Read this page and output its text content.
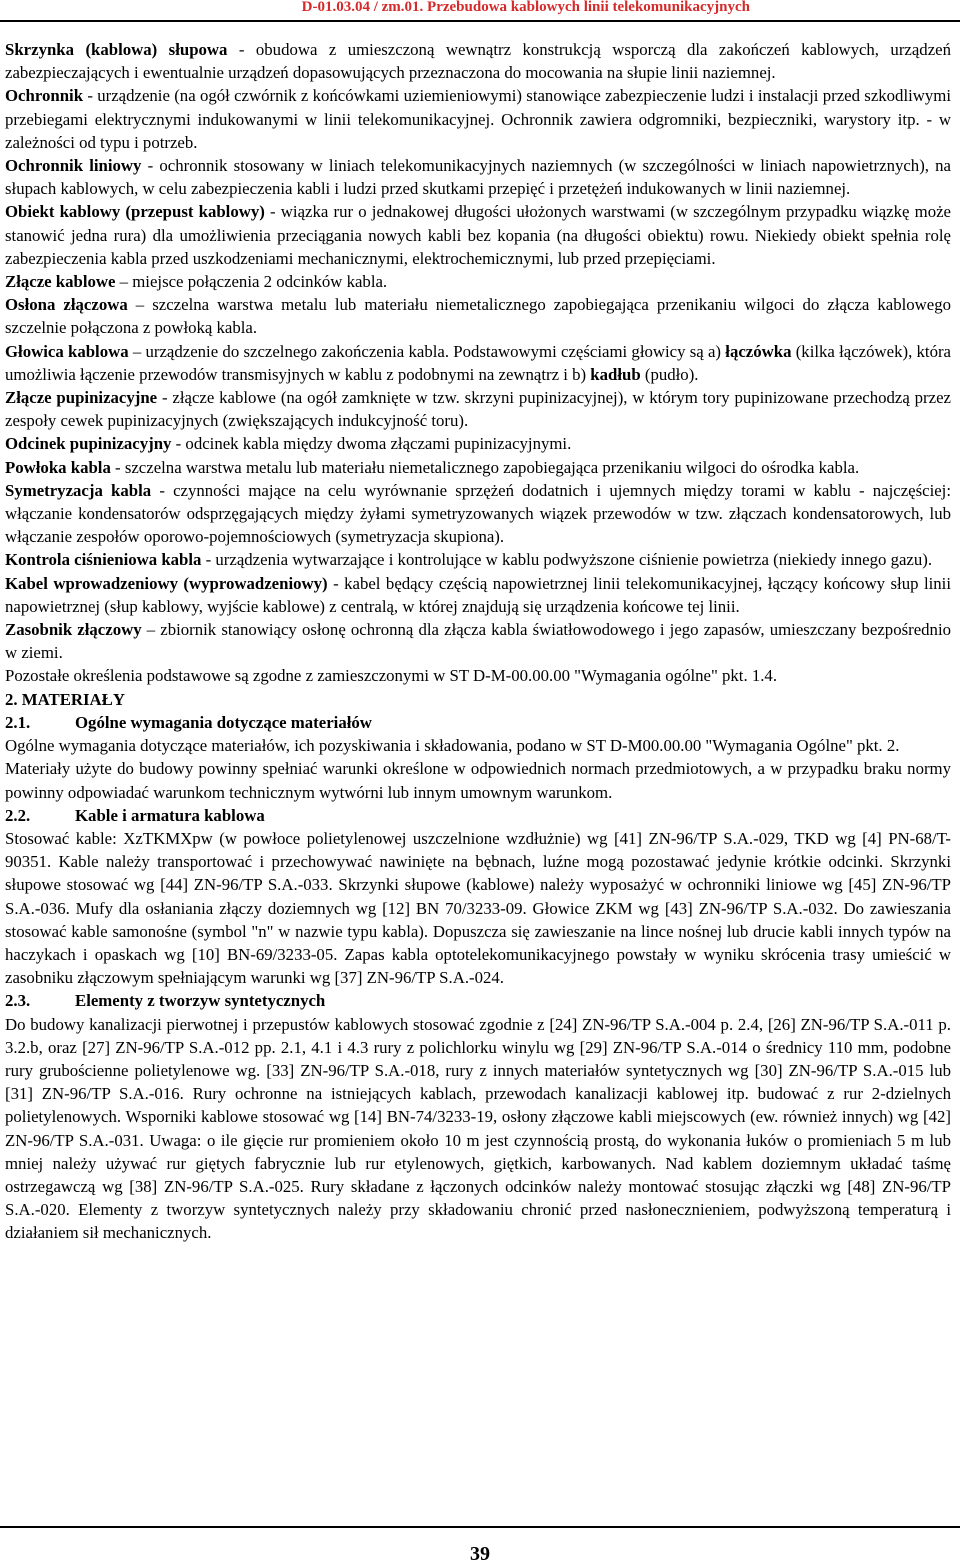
D-01.03.04 / zm.01. Przebudowa kablowych linii telekomunikacyjnych

Skrzynka (kablowa) słupowa - obudowa z umieszczoną wewnątrz konstrukcją wsporczą dla zakończeń kablowych, urządzeń zabezpieczających i ewentualnie urządzeń dopasowujących przeznaczona do mocowania na słupie linii naziemnej.

Ochronnik - urządzenie (na ogół czwórnik z końcówkami uziemieniowymi) stanowiące zabezpieczenie ludzi i instalacji przed szkodliwymi przebiegami elektrycznymi indukowanymi w linii telekomunikacyjnej. Ochronnik zawiera odgromniki, bezpieczniki, warystory itp. - w zależności od typu i potrzeb.

Ochronnik liniowy - ochronnik stosowany w liniach telekomunikacyjnych naziemnych (w szczególności w liniach napowietrznych), na słupach kablowych, w celu zabezpieczenia kabli i ludzi przed skutkami przepięć i przetężeń indukowanych w linii naziemnej.

Obiekt kablowy (przepust kablowy) - wiązka rur o jednakowej długości ułożonych warstwami (w szczególnym przypadku wiązkę może stanowić jedna rura) dla umożliwienia przeciągania nowych kabli bez kopania (na długości obiektu) rowu. Niekiedy obiekt spełnia rolę zabezpieczenia kabla przed uszkodzeniami mechanicznymi, elektrochemicznymi, lub przed przepięciami.

Złącze kablowe – miejsce połączenia 2 odcinków kabla.

Osłona złączowa – szczelna warstwa metalu lub materiału niemetalicznego zapobiegająca przenikaniu wilgoci do złącza kablowego szczelnie połączona z powłoką kabla.

Głowica kablowa – urządzenie do szczelnego zakończenia kabla. Podstawowymi częściami głowicy są a) łączówka (kilka łączówek), która umożliwia łączenie przewodów transmisyjnych w kablu z podobnymi na zewnątrz i b) kadłub (pudło).

Złącze pupinizacyjne - złącze kablowe (na ogół zamknięte w tzw. skrzyni pupinizacyjnej), w którym tory pupinizowane przechodzą przez zespoły cewek pupinizacyjnych (zwiększających indukcyjność toru).

Odcinek pupinizacyjny - odcinek kabla między dwoma złączami pupinizacyjnymi.

Powłoka kabla - szczelna warstwa metalu lub materiału niemetalicznego zapobiegająca przenikaniu wilgoci do ośrodka kabla.

Symetryzacja kabla - czynności mające na celu wyrównanie sprzężeń dodatnich i ujemnych między torami w kablu - najczęściej: włączanie kondensatorów odsprzęgających między żyłami symetryzowanych wiązek przewodów w tzw. złączach kondensatorowych, lub włączanie zespołów oporowo-pojemnościowych (symetryzacja skupiona).

Kontrola ciśnieniowa kabla - urządzenia wytwarzające i kontrolujące w kablu podwyższone ciśnienie powietrza (niekiedy innego gazu).

Kabel wprowadzeniowy (wyprowadzeniowy) - kabel będący częścią napowietrznej linii telekomunikacyjnej, łączący końcowy słup linii napowietrznej (słup kablowy, wyjście kablowe) z centralą, w której znajdują się urządzenia końcowe tej linii.

Zasobnik złączowy – zbiornik stanowiący osłonę ochronną dla złącza kabla światłowodowego i jego zapasów, umieszczany bezpośrednio w ziemi.

Pozostałe określenia podstawowe są zgodne z zamieszczonymi w ST D-M-00.00.00 "Wymagania ogólne" pkt. 1.4.

2. MATERIAŁY

2.1.	Ogólne wymagania dotyczące materiałów

Ogólne wymagania dotyczące materiałów, ich pozyskiwania i składowania, podano w ST D-M00.00.00 "Wymagania Ogólne" pkt. 2.

Materiały użyte do budowy powinny spełniać warunki określone w odpowiednich normach przedmiotowych, a w przypadku braku normy powinny odpowiadać warunkom technicznym wytwórni lub innym umownym warunkom.

2.2.	Kable i armatura kablowa

Stosować kable: XzTKMXpw (w powłoce polietylenowej uszczelnione wzdłużnie) wg [41] ZN-96/TP S.A.-029, TKD wg [4] PN-68/T-90351. Kable należy transportować i przechowywać nawinięte na bębnach, luźne mogą pozostawać jedynie krótkie odcinki. Skrzynki słupowe stosować wg [44] ZN-96/TP S.A.-033. Skrzynki słupowe (kablowe) należy wyposażyć w ochronniki liniowe wg [45] ZN-96/TP S.A.-036. Mufy dla osłaniania złączy doziemnych wg [12] BN 70/3233-09. Głowice ZKM wg [43] ZN-96/TP S.A.-032. Do zawieszania stosować kable samonośne (symbol "n" w nazwie typu kabla). Dopuszcza się zawieszanie na lince nośnej lub drucie kabli innych typów na haczykach i opaskach wg [10] BN-69/3233-05. Zapas kabla optotelekomunikacyjnego powstały w wyniku skrócenia trasy umieścić w zasobniku złączowym spełniającym warunki wg [37] ZN-96/TP S.A.-024.

2.3.	Elementy z tworzyw syntetycznych

Do budowy kanalizacji pierwotnej i przepustów kablowych stosować zgodnie z [24] ZN-96/TP S.A.-004 p. 2.4, [26] ZN-96/TP S.A.-011 p. 3.2.b, oraz [27] ZN-96/TP S.A.-012 pp. 2.1, 4.1 i 4.3 rury z polichlorku winylu wg [29] ZN-96/TP S.A.-014 o średnicy 110 mm, podobne rury grubościenne polietylenowe wg. [33] ZN-96/TP S.A.-018, rury z innych materiałów syntetycznych wg [30] ZN-96/TP S.A.-015 lub [31] ZN-96/TP S.A.-016. Rury ochronne na istniejących kablach, przewodach kanalizacji kablowej itp. budować z rur 2-dzielnych polietylenowych. Wsporniki kablowe stosować wg [14] BN-74/3233-19, osłony złączowe kabli miejscowych (ew. również innych) wg [42] ZN-96/TP S.A.-031. Uwaga: o ile gięcie rur promieniem około 10 m jest czynnością prostą, do wykonania łuków o promieniach 5 m lub mniej należy używać rur giętych fabrycznie lub rur etylenowych, giętkich, karbowanych. Nad kablem doziemnym układać taśmę ostrzegawczą wg [38] ZN-96/TP S.A.-025. Rury składane z łączonych odcinków należy montować stosując złączki wg [48] ZN-96/TP S.A.-020. Elementy z tworzyw syntetycznych należy przy składowaniu chronić przed nasłonecznieniem, podwyższoną temperaturą i działaniem sił mechanicznych.

39
